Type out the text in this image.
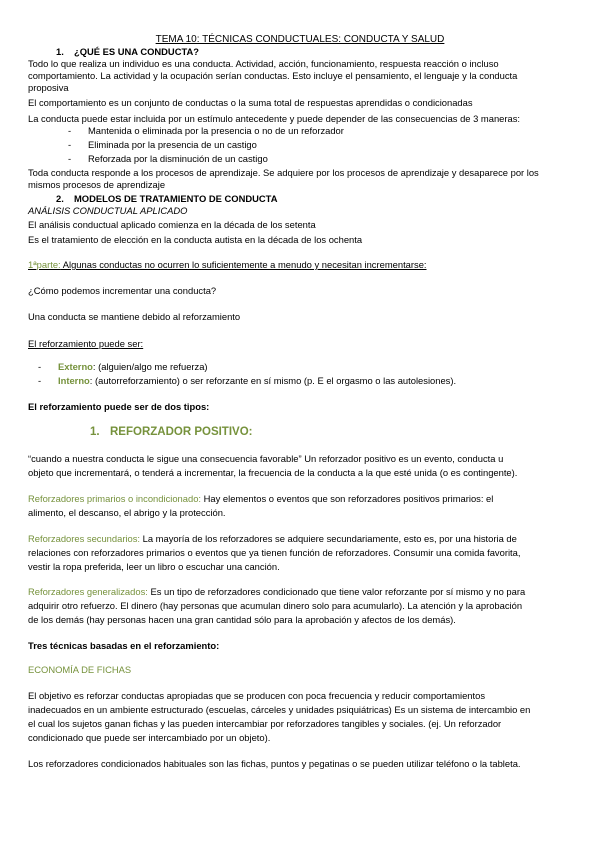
TEMA 10: TÉCNICAS CONDUCTUALES: CONDUCTA Y SALUD
1. ¿QUÉ ES UNA CONDUCTA?
Todo lo que realiza un individuo es una conducta. Actividad, acción, funcionamiento, respuesta reacción o incluso
comportamiento. La actividad y la ocupación serían conductas. Esto incluye el pensamiento, el lenguaje y la conducta
proposiva
El comportamiento es un conjunto de conductas o la suma total de respuestas aprendidas o condicionadas
La conducta puede estar incluida por un estímulo antecedente y puede depender de las consecuencias de 3 maneras:
- Mantenida o eliminada por la presencia o no de un reforzador
- Eliminada por la presencia de un castigo
- Reforzada por la disminución de un castigo
Toda conducta responde a los procesos de aprendizaje. Se adquiere por los procesos de aprendizaje y desaparece por los
mismos procesos de aprendizaje
2. MODELOS DE TRATAMIENTO DE CONDUCTA
ANÁLISIS CONDUCTUAL APLICADO
El análisis conductual aplicado comienza en la década de los setenta
Es el tratamiento de elección en la conducta autista en la década de los ochenta
1ªparte: Algunas conductas no ocurren lo suficientemente a menudo y necesitan incrementarse:
¿Cómo podemos incrementar una conducta?
Una conducta se mantiene debido al reforzamiento
El reforzamiento puede ser:
- Externo: (alguien/algo me refuerza)
- Interno: (autorreforzamiento) o ser reforzante en sí mismo (p. E el orgasmo o las autolesiones).
El reforzamiento puede ser de dos tipos:
1. REFORZADOR POSITIVO:
“cuando a nuestra conducta le sigue una consecuencia favorable” Un reforzador positivo es un evento, conducta u
objeto que incrementará, o tenderá a incrementar, la frecuencia de la conducta a la que esté unida (o es contingente).
Reforzadores primarios o incondicionado: Hay elementos o eventos que son reforzadores positivos primarios: el
alimento, el descanso, el abrigo y la protección.
Reforzadores secundarios: La mayoría de los reforzadores se adquiere secundariamente, esto es, por una historia de
relaciones con reforzadores primarios o eventos que ya tienen función de reforzadores. Consumir una comida favorita,
vestir la ropa preferida, leer un libro o escuchar una canción.
Reforzadores generalizados: Es un tipo de reforzadores condicionado que tiene valor reforzante por sí mismo y no para
adquirir otro refuerzo. El dinero (hay personas que acumulan dinero solo para acumularlo). La atención y la aprobación
de los demás (hay personas hacen una gran cantidad sólo para la aprobación y afectos de los demás).
Tres técnicas basadas en el reforzamiento:
ECONOMÍA DE FICHAS
El objetivo es reforzar conductas apropiadas que se producen con poca frecuencia y reducir comportamientos
inadecuados en un ambiente estructurado (escuelas, cárceles y unidades psiquiátricas) Es un sistema de intercambio en
el cual los sujetos ganan fichas y las pueden intercambiar por reforzadores tangibles y sociales. (ej. Un reforzador
condicionado que puede ser intercambiado por un objeto).
Los reforzadores condicionados habituales son las fichas, puntos y pegatinas o se pueden utilizar teléfono o la tableta.
